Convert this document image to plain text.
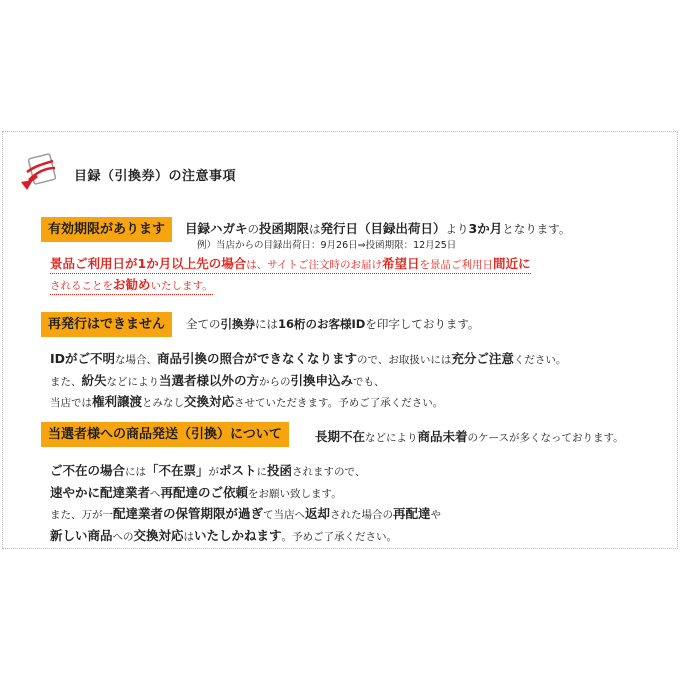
目録（引換券）の注意事項
有効期限があります	目録ハガキの投函期限は発行日（目録出荷日）より3か月となります。
例）当店からの目録出荷日：9月26日⇒投函期限：12月25日
景品ご利用日が1か月以上先の場合は、サイトご注文時のお届け希望日を景品ご利用日間近に
されることをお勧めいたします。
再発行はできません	全ての引換券には16桁のお客様IDを印字しております。
IDがご不明な場合、商品引換の照合ができなくなりますので、お取扱いには充分ご注意ください。
また、紛失などにより当選者様以外の方からの引換申込みでも、
当店では権利譲渡とみなし交換対応させていただきます。予めご了承ください。
当選者様への商品発送（引換）について	長期不在などにより商品未着のケースが多くなっております。
ご不在の場合には「不在票」がポストに投函されますので、
速やかに配達業者へ再配達のご依頼をお願い致します。
また、万が一配達業者の保管期限が過ぎて当店へ返却された場合の再配達や
新しい商品への交換対応はいたしかねます。予めご了承ください。
